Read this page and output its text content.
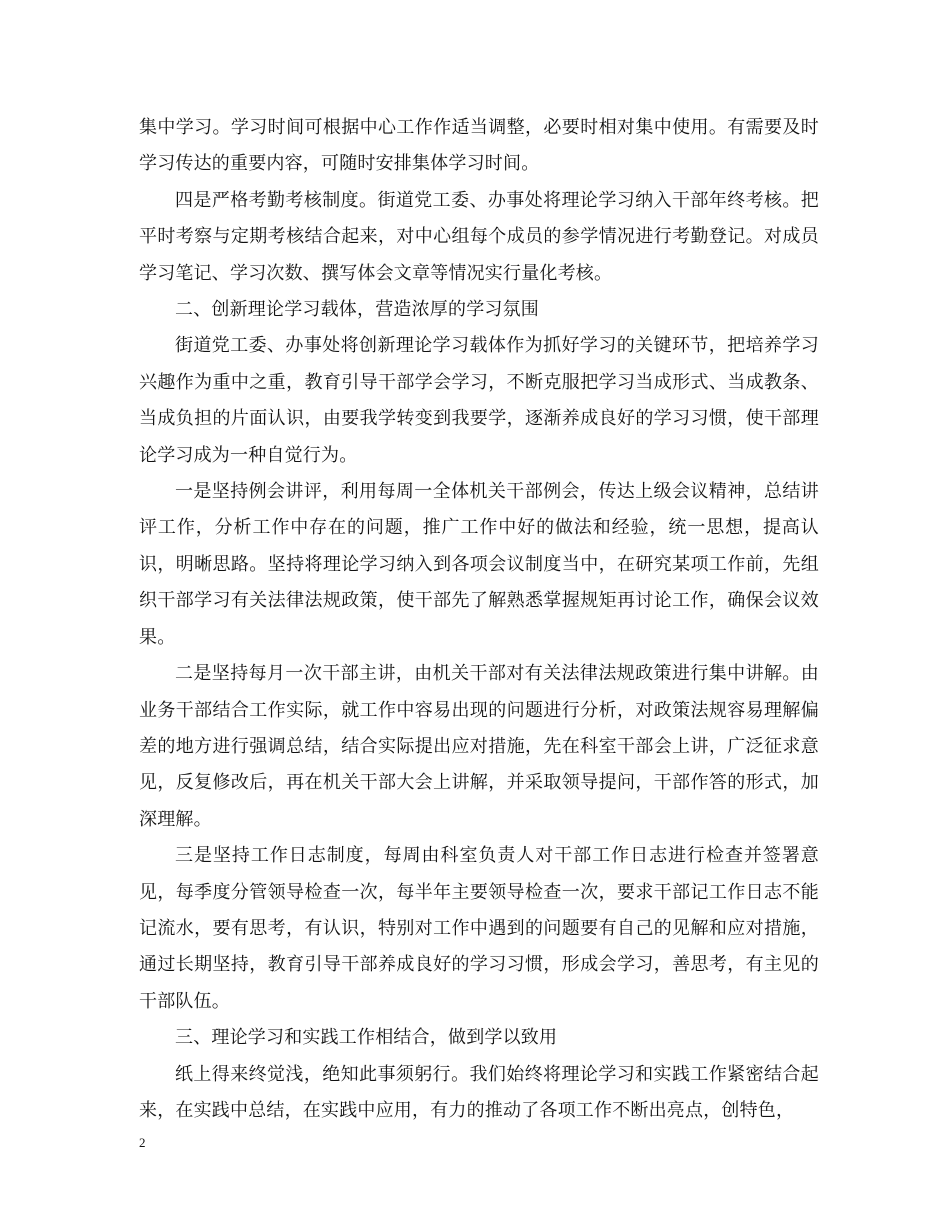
集中学习。学习时间可根据中心工作作适当调整，必要时相对集中使用。有需要及时学习传达的重要内容，可随时安排集体学习时间。

四是严格考勤考核制度。街道党工委、办事处将理论学习纳入干部年终考核。把平时考察与定期考核结合起来，对中心组每个成员的参学情况进行考勤登记。对成员学习笔记、学习次数、撰写体会文章等情况实行量化考核。

二、创新理论学习载体，营造浓厚的学习氛围

街道党工委、办事处将创新理论学习载体作为抓好学习的关键环节，把培养学习兴趣作为重中之重，教育引导干部学会学习，不断克服把学习当成形式、当成教条、当成负担的片面认识，由要我学转变到我要学，逐渐养成良好的学习习惯，使干部理论学习成为一种自觉行为。

一是坚持例会讲评，利用每周一全体机关干部例会，传达上级会议精神，总结讲评工作，分析工作中存在的问题，推广工作中好的做法和经验，统一思想，提高认识，明晰思路。坚持将理论学习纳入到各项会议制度当中，在研究某项工作前，先组织干部学习有关法律法规政策，使干部先了解熟悉掌握规矩再讨论工作，确保会议效果。

二是坚持每月一次干部主讲，由机关干部对有关法律法规政策进行集中讲解。由业务干部结合工作实际，就工作中容易出现的问题进行分析，对政策法规容易理解偏差的地方进行强调总结，结合实际提出应对措施，先在科室干部会上讲，广泛征求意见，反复修改后，再在机关干部大会上讲解，并采取领导提问，干部作答的形式，加深理解。

三是坚持工作日志制度，每周由科室负责人对干部工作日志进行检查并签署意见，每季度分管领导检查一次，每半年主要领导检查一次，要求干部记工作日志不能记流水，要有思考，有认识，特别对工作中遇到的问题要有自己的见解和应对措施，通过长期坚持，教育引导干部养成良好的学习习惯，形成会学习，善思考，有主见的干部队伍。

三、理论学习和实践工作相结合，做到学以致用

纸上得来终觉浅，绝知此事须躬行。我们始终将理论学习和实践工作紧密结合起来，在实践中总结，在实践中应用，有力的推动了各项工作不断出亮点，创特色，

2
